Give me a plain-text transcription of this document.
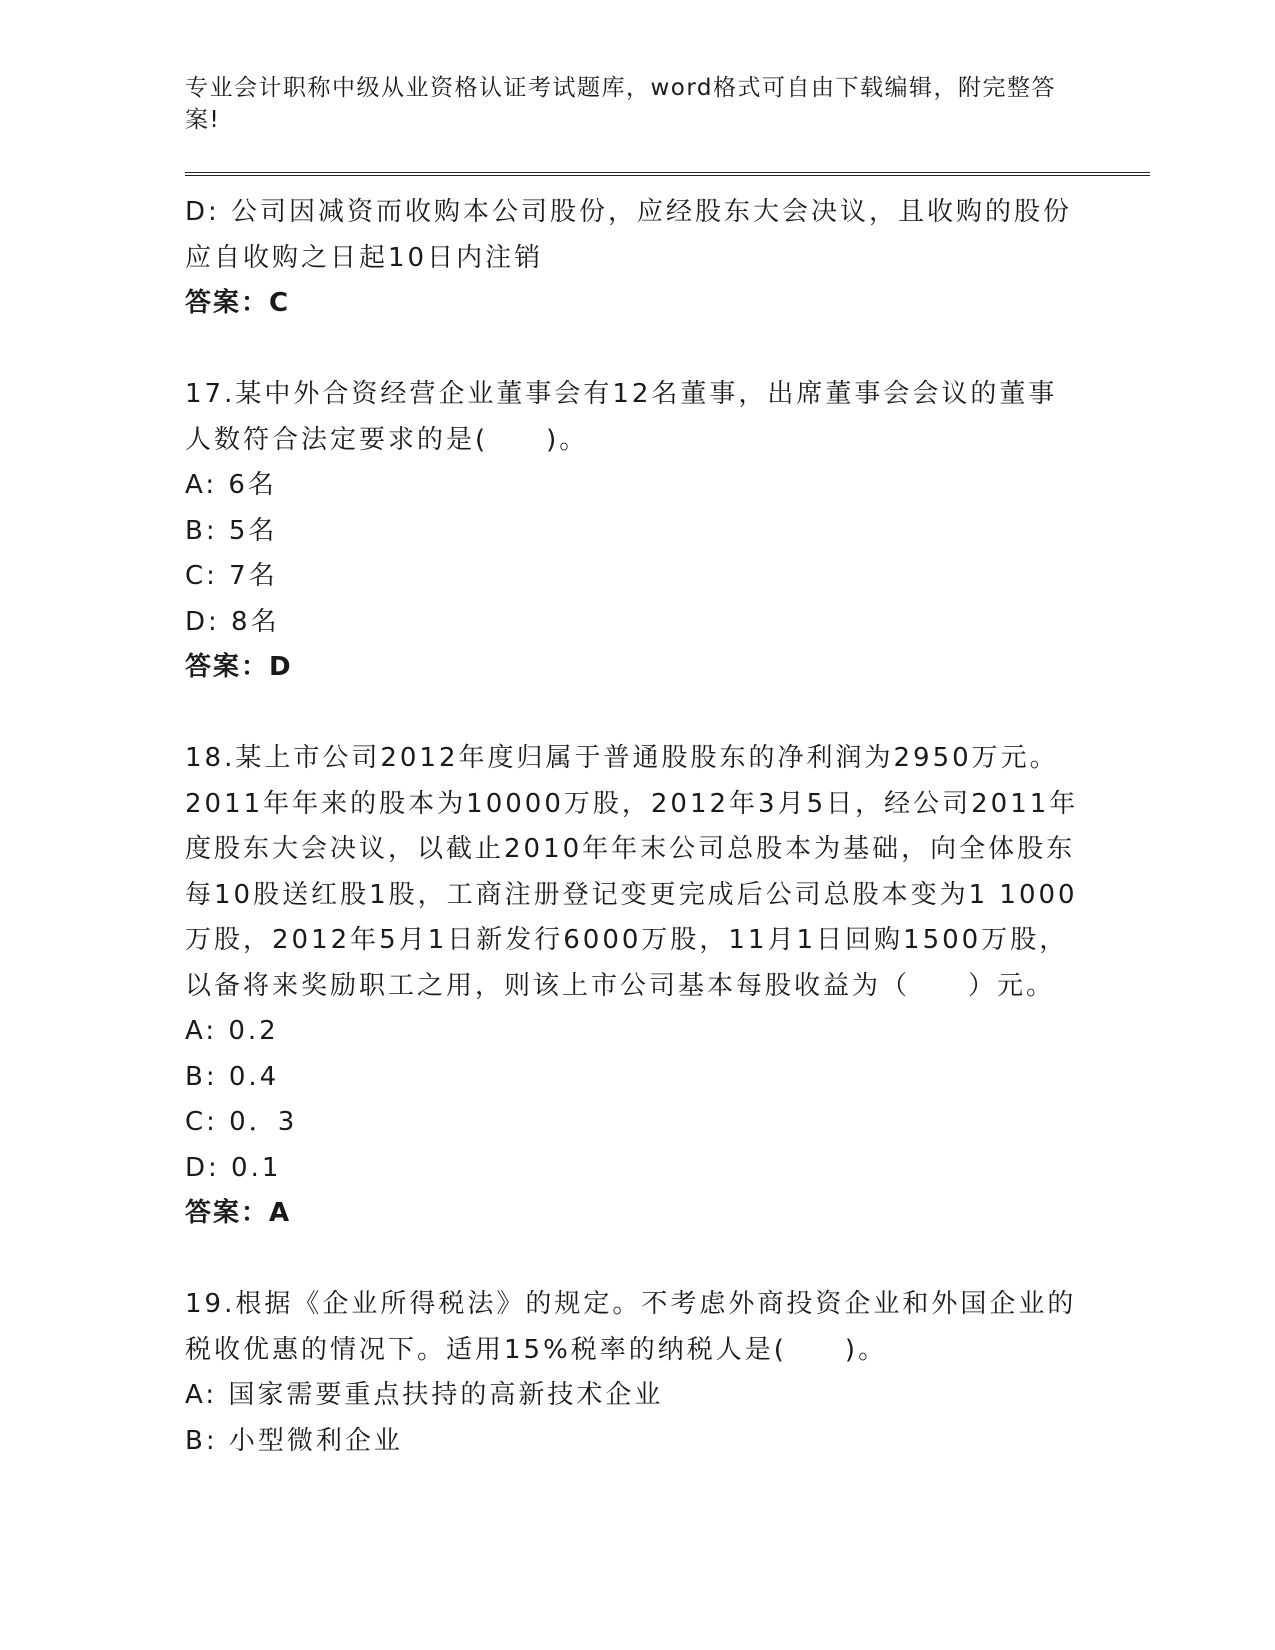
专业会计职称中级从业资格认证考试题库，word格式可自由下载编辑，附完整答
案!
D: 公司因减资而收购本公司股份，应经股东大会决议，且收购的股份
应自收购之日起10日内注销
答案：C
17.某中外合资经营企业董事会有12名董事，出席董事会会议的董事
人数符合法定要求的是(　　)。
A: 6名
B: 5名
C: 7名
D: 8名
答案：D
18.某上市公司2012年度归属于普通股股东的净利润为2950万元。
2011年年来的股本为10000万股，2012年3月5日，经公司2011年
度股东大会决议，以截止2010年年末公司总股本为基础，向全体股东
每10股送红股1股，工商注册登记变更完成后公司总股本变为1 1000
万股，2012年5月1日新发行6000万股，11月1日回购1500万股，
以备将来奖励职工之用，则该上市公司基本每股收益为（　　）元。
A: 0.2
B: 0.4
C: 0．3
D: 0.1
答案：A
19.根据《企业所得税法》的规定。不考虑外商投资企业和外国企业的
税收优惠的情况下。适用15%税率的纳税人是(　　)。
A: 国家需要重点扶持的高新技术企业
B: 小型微利企业
